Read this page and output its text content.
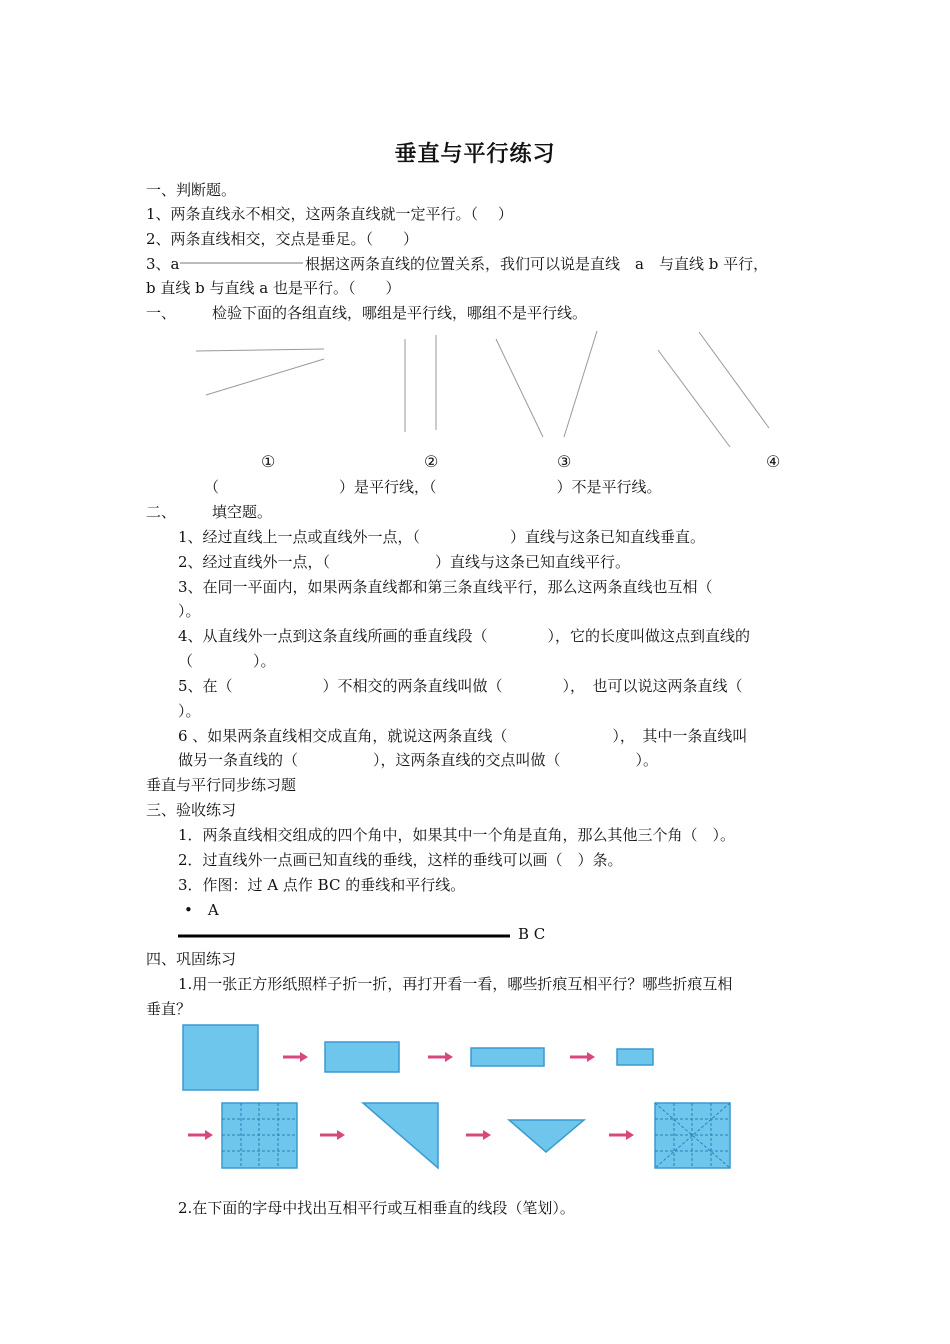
垂直与平行练习
一、判断题。
1、两条直线永不相交，这两条直线就一定平行。（　 ）
2、两条直线相交，交点是垂足。（　　）
3、a	根据这两条直线的位置关系，我们可以说是直线　a　与直线 b 平行，
b 直线 b 与直线 a 也是平行。（　　）
一、 检验下面的各组直线，哪组是平行线，哪组不是平行线。
①	②	③	④
（　　　　　　　　）是平行线，（　　　　　　　　）不是平行线。
二、 填空题。
1、经过直线上一点或直线外一点，（　　　　　　）直线与这条已知直线垂直。
2、经过直线外一点，（　　　　　　　）直线与这条已知直线平行。
3、在同一平面内，如果两条直线都和第三条直线平行，那么这两条直线也互相（
）。
4、从直线外一点到这条直线所画的垂直线段（　　　　），它的长度叫做这点到直线的
（　　　　）。
5、在（　　　　　　）不相交的两条直线叫做（　　　　），　也可以说这两条直线（
）。
6 、如果两条直线相交成直角，就说这两条直线（　　　　　　　），　其中一条直线叫
做另一条直线的（　　　　　），这两条直线的交点叫做（　　　　　）。
垂直与平行同步练习题
三、验收练习
1．两条直线相交组成的四个角中，如果其中一个角是直角，那么其他三个角（　）。
2．过直线外一点画已知直线的垂线，这样的垂线可以画（　）条。
3．作图：过 A 点作 BC 的垂线和平行线。
•　A
B C
四、巩固练习
1.用一张正方形纸照样子折一折，再打开看一看，哪些折痕互相平行？哪些折痕互相
垂直？
2.在下面的字母中找出互相平行或互相垂直的线段（笔划）。
